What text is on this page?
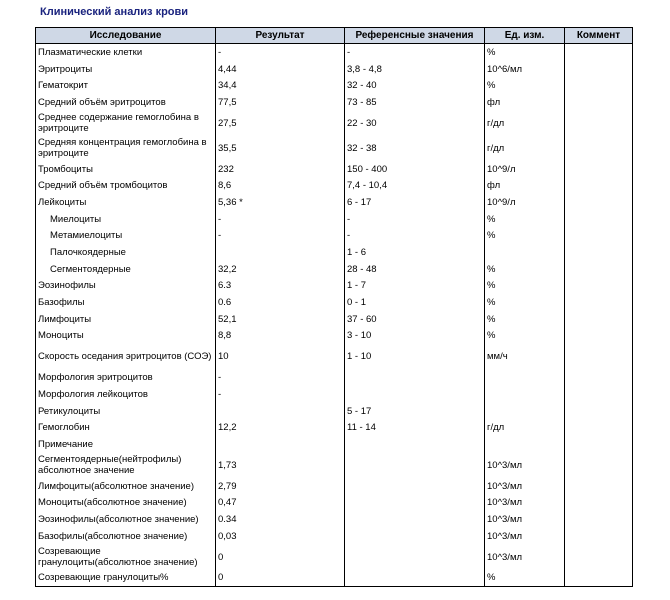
Клинический анализ крови
Исследование	Результат	Референсные значения	Ед. изм.	Коммент
Плазматические клетки	-	-	%	
Эритроциты	4,44	3,8 - 4,8	10^6/мл	
Гематокрит	34,4	32 - 40	%	
Средний объём эритроцитов	77,5	73 - 85	фл	
Среднее содержание гемоглобина в эритроците	27,5	22 - 30	г/дл	
Средняя концентрация гемоглобина в эритроците	35,5	32 - 38	г/дл	
Тромбоциты	232	150 - 400	10^9/л	
Средний объём тромбоцитов	8,6	7,4 - 10,4	фл	
Лейкоциты	5,36 *	6 - 17	10^9/л	
Миелоциты	-	-	%	
Метамиелоциты	-	-	%	
Палочкоядерные		1 - 6		
Сегментоядерные	32,2	28 - 48	%	
Эозинофилы	6.3	1 - 7	%	
Базофилы	0.6	0 - 1	%	
Лимфоциты	52,1	37 - 60	%	
Моноциты	8,8	3 - 10	%	
Скорость оседания эритроцитов (СОЭ)	10	1 - 10	мм/ч	
Морфология эритроцитов	-			
Морфология лейкоцитов	-			
Ретикулоциты		5 - 17		
Гемоглобин	12,2	11 - 14	г/дл	
Примечание				
Сегментоядерные(нейтрофилы) абсолютное значение	1,73		10^3/мл	
Лимфоциты(абсолютное значение)	2,79		10^3/мл	
Моноциты(абсолютное значение)	0,47		10^3/мл	
Эозинофилы(абсолютное значение)	0.34		10^3/мл	
Базофилы(абсолютное значение)	0,03		10^3/мл	
Созревающие гранулоциты(абсолютное значение)	0		10^3/мл	
Созревающие гранулоциты%	0		%	
